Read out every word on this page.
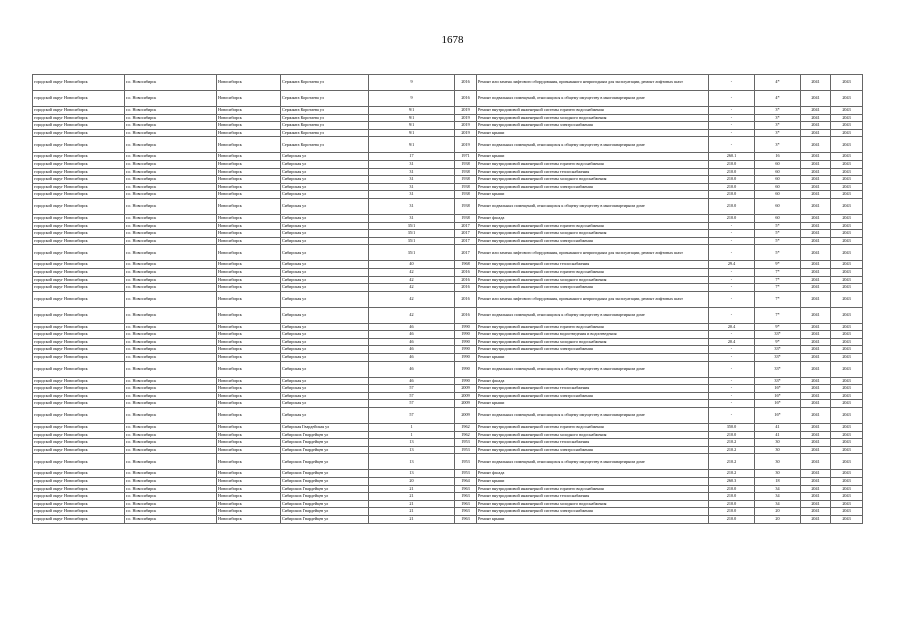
1678
городской округ Новосибирск	г.о. Новосибирск	Новосибирск	Сержанта Коротаева ул	9	2016	Ремонт или замена лифтового оборудования, признанного непригодным для эксплуатации, ремонт лифтовых шахт	-	4*	2041	2043
городской округ Новосибирск	г.о. Новосибирск	Новосибирск	Сержанта Коротаева ул	9	2016	Ремонт подвальных помещений, относящихся к общему имуществу в многоквартирном доме	-	4*	2041	2043
городской округ Новосибирск	г.о. Новосибирск	Новосибирск	Сержанта Коротаева ул	9/1	2019	Ремонт внутридомовой инженерной системы горячего водоснабжения	-	3*	2041	2043
городской округ Новосибирск	г.о. Новосибирск	Новосибирск	Сержанта Коротаева ул	9/1	2019	Ремонт внутридомовой инженерной системы холодного водоснабжения	-	3*	2041	2043
городской округ Новосибирск	г.о. Новосибирск	Новосибирск	Сержанта Коротаева ул	9/1	2019	Ремонт внутридомовой инженерной системы электроснабжения	-	3*	2041	2043
городской округ Новосибирск	г.о. Новосибирск	Новосибирск	Сержанта Коротаева ул	9/1	2019	Ремонт крыши	-	3*	2041	2043
городской округ Новосибирск	г.о. Новосибирск	Новосибирск	Сержанта Коротаева ул	9/1	2019	Ремонт подвальных помещений, относящихся к общему имуществу в многоквартирном доме	-	3*	2041	2043
городской округ Новосибирск	г.о. Новосибирск	Новосибирск	Сибирская ул	17	1971	Ремонт крыши	260.1	16	2041	2043
городской округ Новосибирск	г.о. Новосибирск	Новосибирск	Сибирская ул	31	1938	Ремонт внутридомовой инженерной системы горячего водоснабжения	210.0	60	2041	2043
городской округ Новосибирск	г.о. Новосибирск	Новосибирск	Сибирская ул	31	1938	Ремонт внутридомовой инженерной системы теплоснабжения	210.0	60	2041	2043
городской округ Новосибирск	г.о. Новосибирск	Новосибирск	Сибирская ул	31	1938	Ремонт внутридомовой инженерной системы холодного водоснабжения	210.0	60	2041	2043
городской округ Новосибирск	г.о. Новосибирск	Новосибирск	Сибирская ул	31	1938	Ремонт внутридомовой инженерной системы электроснабжения	210.0	60	2041	2043
городской округ Новосибирск	г.о. Новосибирск	Новосибирск	Сибирская ул	31	1938	Ремонт крыши	210.0	60	2041	2043
городской округ Новосибирск	г.о. Новосибирск	Новосибирск	Сибирская ул	31	1938	Ремонт подвальных помещений, относящихся к общему имуществу в многоквартирном доме	210.0	60	2041	2043
городской округ Новосибирск	г.о. Новосибирск	Новосибирск	Сибирская ул	31	1938	Ремонт фасада	210.0	60	2041	2043
городской округ Новосибирск	г.о. Новосибирск	Новосибирск	Сибирская ул	35/1	2017	Ремонт внутридомовой инженерной системы горячего водоснабжения	-	5*	2041	2043
городской округ Новосибирск	г.о. Новосибирск	Новосибирск	Сибирская ул	35/1	2017	Ремонт внутридомовой инженерной системы холодного водоснабжения	-	5*	2041	2043
городской округ Новосибирск	г.о. Новосибирск	Новосибирск	Сибирская ул	35/1	2017	Ремонт внутридомовой инженерной системы электроснабжения	-	5*	2041	2043
городской округ Новосибирск	г.о. Новосибирск	Новосибирск	Сибирская ул	35/1	2017	Ремонт или замена лифтового оборудования, признанного непригодным для эксплуатации, ремонт лифтовых шахт	-	5*	2041	2043
городской округ Новосибирск	г.о. Новосибирск	Новосибирск	Сибирская ул	40	1968	Ремонт внутридомовой инженерной системы теплоснабжения	29.4	9*	2041	2043
городской округ Новосибирск	г.о. Новосибирск	Новосибирск	Сибирская ул	42	2016	Ремонт внутридомовой инженерной системы горячего водоснабжения	-	7*	2041	2043
городской округ Новосибирск	г.о. Новосибирск	Новосибирск	Сибирская ул	42	2016	Ремонт внутридомовой инженерной системы холодного водоснабжения	-	7*	2041	2043
городской округ Новосибирск	г.о. Новосибирск	Новосибирск	Сибирская ул	42	2016	Ремонт внутридомовой инженерной системы электроснабжения	-	7*	2041	2043
городской округ Новосибирск	г.о. Новосибирск	Новосибирск	Сибирская ул	42	2016	Ремонт или замена лифтового оборудования, признанного непригодным для эксплуатации, ремонт лифтовых шахт	-	7*	2041	2043
городской округ Новосибирск	г.о. Новосибирск	Новосибирск	Сибирская ул	42	2016	Ремонт подвальных помещений, относящихся к общему имуществу в многоквартирном доме	-	7*	2041	2043
городской округ Новосибирск	г.о. Новосибирск	Новосибирск	Сибирская ул	46	1990	Ремонт внутридомовой инженерной системы горячего водоснабжения	20.4	9*	2041	2043
городской округ Новосибирск	г.о. Новосибирск	Новосибирск	Сибирская ул	46	1990	Ремонт внутридомовой инженерной системы водоотведения и водоотведения	-	33*	2041	2043
городской округ Новосибирск	г.о. Новосибирск	Новосибирск	Сибирская ул	46	1990	Ремонт внутридомовой инженерной системы холодного водоснабжения	20.4	9*	2041	2043
городской округ Новосибирск	г.о. Новосибирск	Новосибирск	Сибирская ул	46	1990	Ремонт внутридомовой инженерной системы электроснабжения	-	33*	2041	2043
городской округ Новосибирск	г.о. Новосибирск	Новосибирск	Сибирская ул	46	1990	Ремонт крыши	-	33*	2041	2043
городской округ Новосибирск	г.о. Новосибирск	Новосибирск	Сибирская ул	46	1990	Ремонт подвальных помещений, относящихся к общему имуществу в многоквартирном доме	-	33*	2041	2043
городской округ Новосибирск	г.о. Новосибирск	Новосибирск	Сибирская ул	46	1990	Ремонт фасада	-	33*	2041	2043
городской округ Новосибирск	г.о. Новосибирск	Новосибирск	Сибирская ул	57	2009	Ремонт внутридомовой инженерной системы теплоснабжения	-	16*	2041	2043
городской округ Новосибирск	г.о. Новосибирск	Новосибирск	Сибирская ул	57	2009	Ремонт внутридомовой инженерной системы электроснабжения	-	16*	2041	2043
городской округ Новосибирск	г.о. Новосибирск	Новосибирск	Сибирская ул	57	2009	Ремонт крыши	-	16*	2041	2043
городской округ Новосибирск	г.о. Новосибирск	Новосибирск	Сибирская ул	57	2009	Ремонт подвальных помещений, относящихся к общему имуществу в многоквартирном доме	-	16*	2041	2043
городской округ Новосибирск	г.о. Новосибирск	Новосибирск	Сибирская Гвардейская ул	1	1962	Ремонт внутридомовой инженерной системы горячего водоснабжения	350.0	41	2041	2043
городской округ Новосибирск	г.о. Новосибирск	Новосибирск	Сибирских Гвардейцев ул	1	1962	Ремонт внутридомовой инженерной системы холодного водоснабжения	210.0	41	2041	2043
городской округ Новосибирск	г.о. Новосибирск	Новосибирск	Сибирских Гвардейцев ул	13	1953	Ремонт внутридомовой инженерной системы теплоснабжения	210.2	30	2041	2043
городской округ Новосибирск	г.о. Новосибирск	Новосибирск	Сибирских Гвардейцев ул	13	1953	Ремонт внутридомовой инженерной системы электроснабжения	210.2	30	2041	2043
городской округ Новосибирск	г.о. Новосибирск	Новосибирск	Сибирских Гвардейцев ул	13	1953	Ремонт подвальных помещений, относящихся к общему имуществу в многоквартирном доме	210.2	30	2041	2043
городской округ Новосибирск	г.о. Новосибирск	Новосибирск	Сибирских Гвардейцев ул	13	1953	Ремонт фасада	210.2	30	2041	2043
городской округ Новосибирск	г.о. Новосибирск	Новосибирск	Сибирских Гвардейцев ул	20	1964	Ремонт крыши	260.3	18	2041	2043
городской округ Новосибирск	г.о. Новосибирск	Новосибирск	Сибирских Гвардейцев ул	21	1963	Ремонт внутридомовой инженерной системы горячего водоснабжения	210.0	34	2041	2043
городской округ Новосибирск	г.о. Новосибирск	Новосибирск	Сибирских Гвардейцев ул	21	1963	Ремонт внутридомовой инженерной системы теплоснабжения	210.0	34	2041	2043
городской округ Новосибирск	г.о. Новосибирск	Новосибирск	Сибирских Гвардейцев ул	21	1963	Ремонт внутридомовой инженерной системы холодного водоснабжения	210.0	34	2041	2043
городской округ Новосибирск	г.о. Новосибирск	Новосибирск	Сибирских Гвардейцев ул	21	1963	Ремонт внутридомовой инженерной системы электроснабжения	210.0	20	2041	2043
городской округ Новосибирск	г.о. Новосибирск	Новосибирск	Сибирских Гвардейцев ул	21	1963	Ремонт крыши	210.0	20	2041	2043
